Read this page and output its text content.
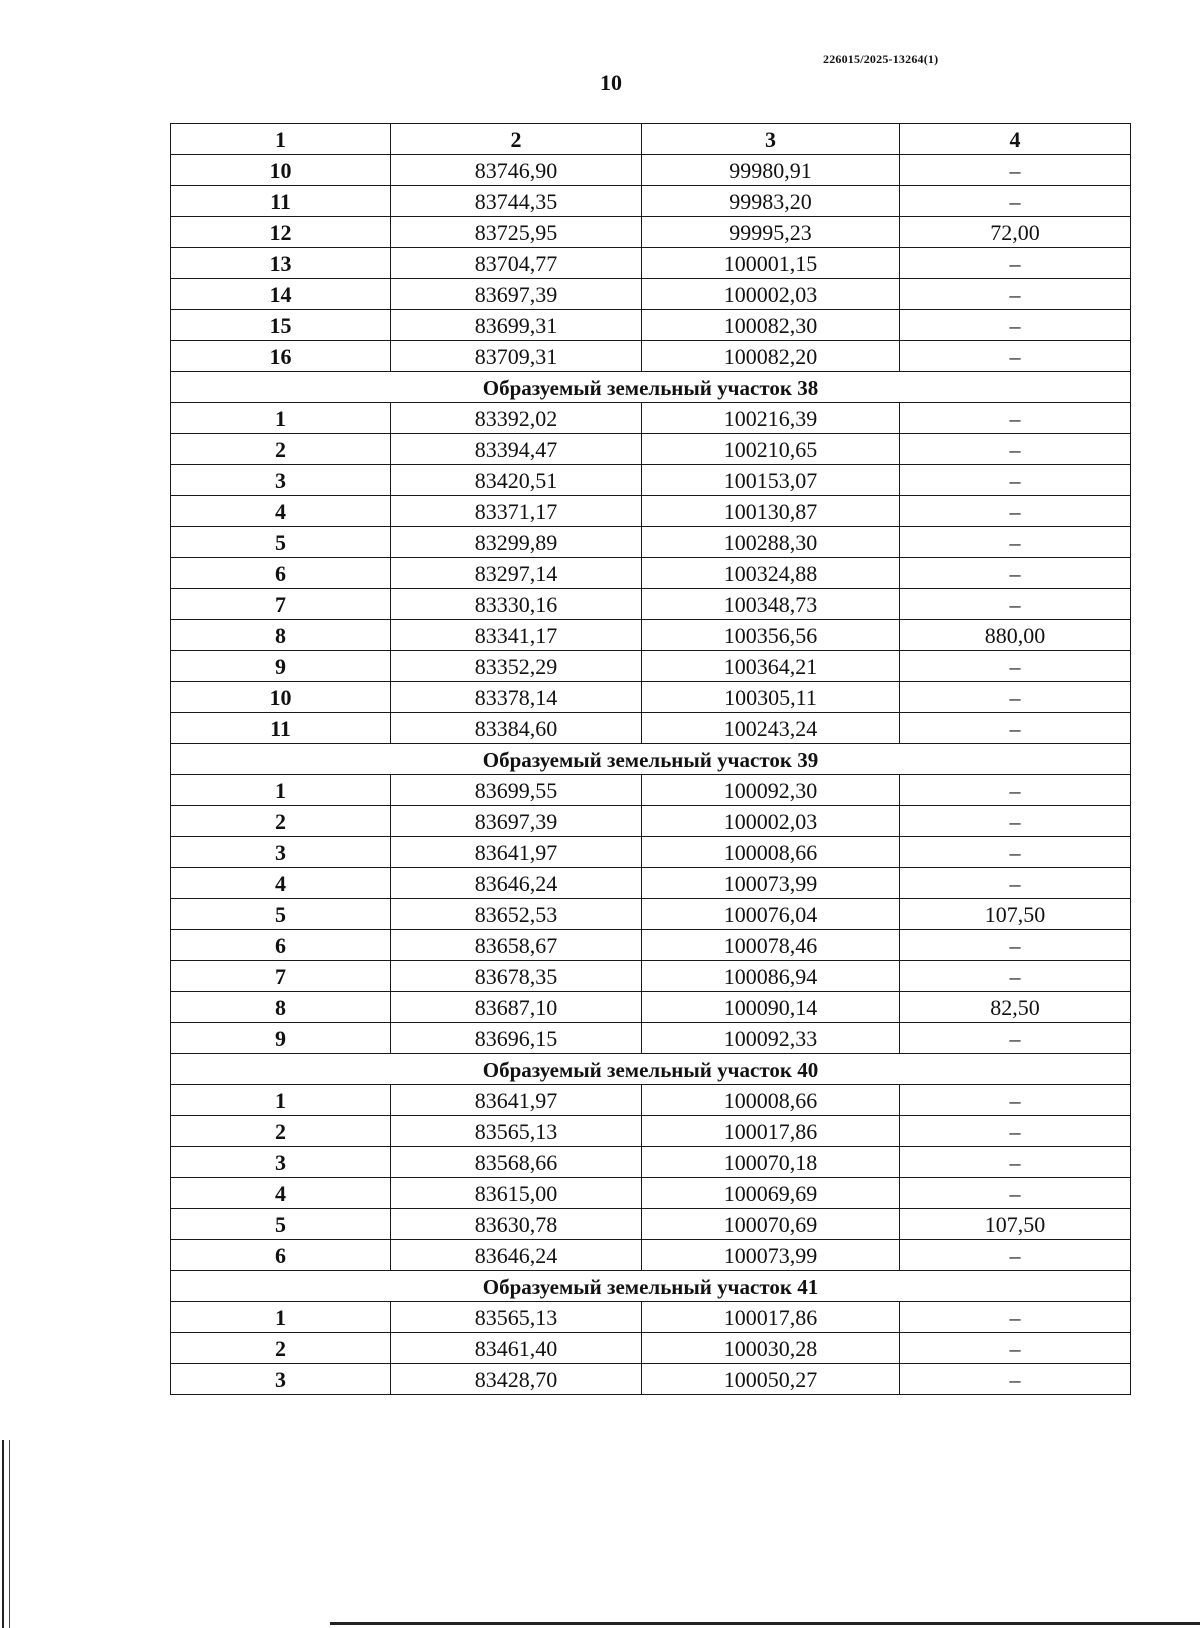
226015/2025-13264(1)
10
1	2	3	4
10	83746,90	99980,91	–
11	83744,35	99983,20	–
12	83725,95	99995,23	72,00
13	83704,77	100001,15	–
14	83697,39	100002,03	–
15	83699,31	100082,30	–
16	83709,31	100082,20	–
Образуемый земельный участок 38			
1	83392,02	100216,39	–
2	83394,47	100210,65	–
3	83420,51	100153,07	–
4	83371,17	100130,87	–
5	83299,89	100288,30	–
6	83297,14	100324,88	–
7	83330,16	100348,73	–
8	83341,17	100356,56	880,00
9	83352,29	100364,21	–
10	83378,14	100305,11	–
11	83384,60	100243,24	–
Образуемый земельный участок 39			
1	83699,55	100092,30	–
2	83697,39	100002,03	–
3	83641,97	100008,66	–
4	83646,24	100073,99	–
5	83652,53	100076,04	107,50
6	83658,67	100078,46	–
7	83678,35	100086,94	–
8	83687,10	100090,14	82,50
9	83696,15	100092,33	–
Образуемый земельный участок 40			
1	83641,97	100008,66	–
2	83565,13	100017,86	–
3	83568,66	100070,18	–
4	83615,00	100069,69	–
5	83630,78	100070,69	107,50
6	83646,24	100073,99	–
Образуемый земельный участок 41			
1	83565,13	100017,86	–
2	83461,40	100030,28	–
3	83428,70	100050,27	–
